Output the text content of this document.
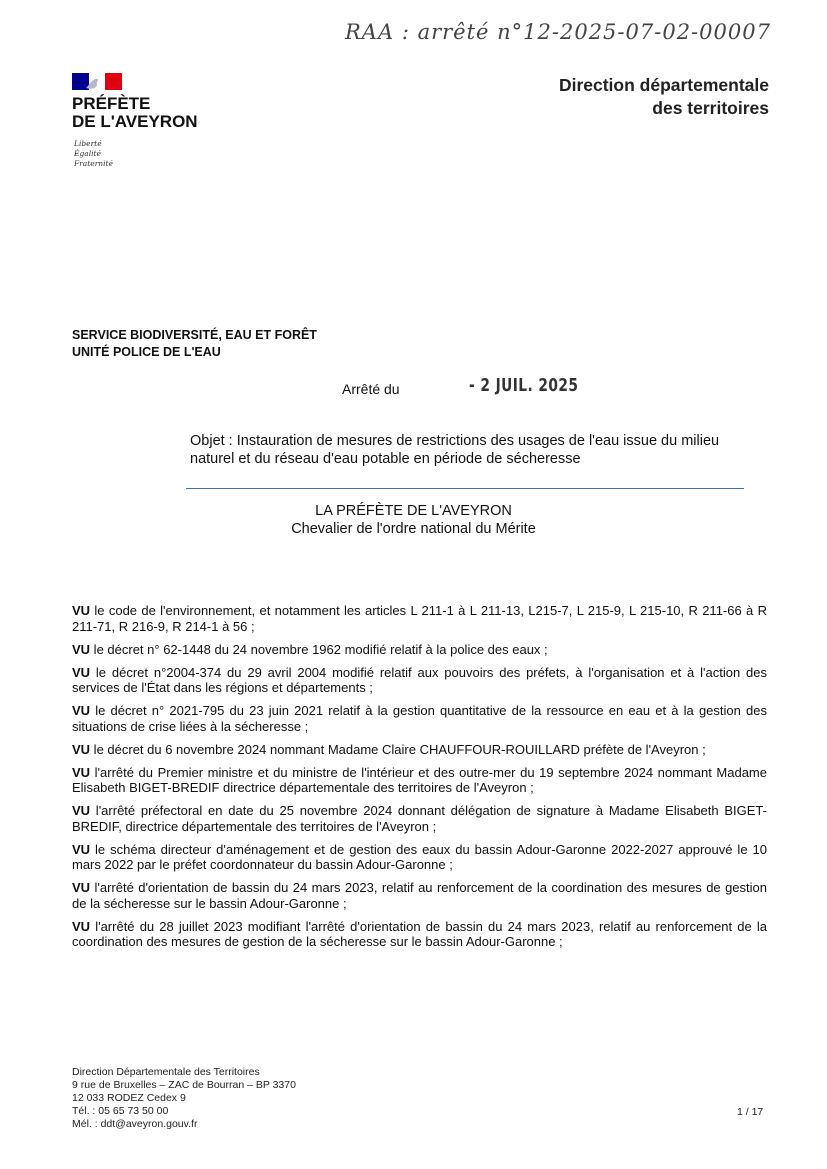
RAA : arrêté n°12-2025-07-02-00007
PRÉFÈTE
DE L'AVEYRON
Liberté
Égalité
Fraternité
Direction départementale
des territoires
SERVICE BIODIVERSITÉ, EAU ET FORÊT
UNITÉ POLICE DE L'EAU
Arrêté du	- 2 JUIL. 2025
Objet : Instauration de mesures de restrictions des usages de l'eau issue du milieu naturel et du réseau d'eau potable en période de sécheresse
LA PRÉFÈTE DE L'AVEYRON
Chevalier de l'ordre national du Mérite

VU le code de l'environnement, et notamment les articles L 211-1 à L 211-13, L215-7, L 215-9, L 215-10, R 211-66 à R 211-71, R 216-9, R 214-1 à 56 ;

VU le décret n° 62-1448 du 24 novembre 1962 modifié relatif à la police des eaux ;

VU le décret n°2004-374 du 29 avril 2004 modifié relatif aux pouvoirs des préfets, à l'organisation et à l'action des services de l'État dans les régions et départements ;

VU le décret n° 2021-795 du 23 juin 2021 relatif à la gestion quantitative de la ressource en eau et à la gestion des situations de crise liées à la sécheresse ;

VU le décret du 6 novembre 2024 nommant Madame Claire CHAUFFOUR-ROUILLARD préfète de l'Aveyron ;

VU l'arrêté du Premier ministre et du ministre de l'intérieur et des outre-mer du 19 septembre 2024 nommant Madame Elisabeth BIGET-BREDIF directrice départementale des territoires de l'Aveyron ;

VU l'arrêté préfectoral en date du 25 novembre 2024 donnant délégation de signature à Madame Elisabeth BIGET-BREDIF, directrice départementale des territoires de l'Aveyron ;

VU le schéma directeur d'aménagement et de gestion des eaux du bassin Adour-Garonne 2022-2027 approuvé le 10 mars 2022 par le préfet coordonnateur du bassin Adour-Garonne ;

VU l'arrêté d'orientation de bassin du 24 mars 2023, relatif au renforcement de la coordination des mesures de gestion de la sécheresse sur le bassin Adour-Garonne ;

VU l'arrêté du 28 juillet 2023 modifiant l'arrêté d'orientation de bassin du 24 mars 2023, relatif au renforcement de la coordination des mesures de gestion de la sécheresse sur le bassin Adour-Garonne ;

Direction Départementale des Territoires
9 rue de Bruxelles – ZAC de Bourran – BP 3370
12 033 RODEZ Cedex 9
Tél. : 05 65 73 50 00
Mél. : ddt@aveyron.gouv.fr
1 / 17
